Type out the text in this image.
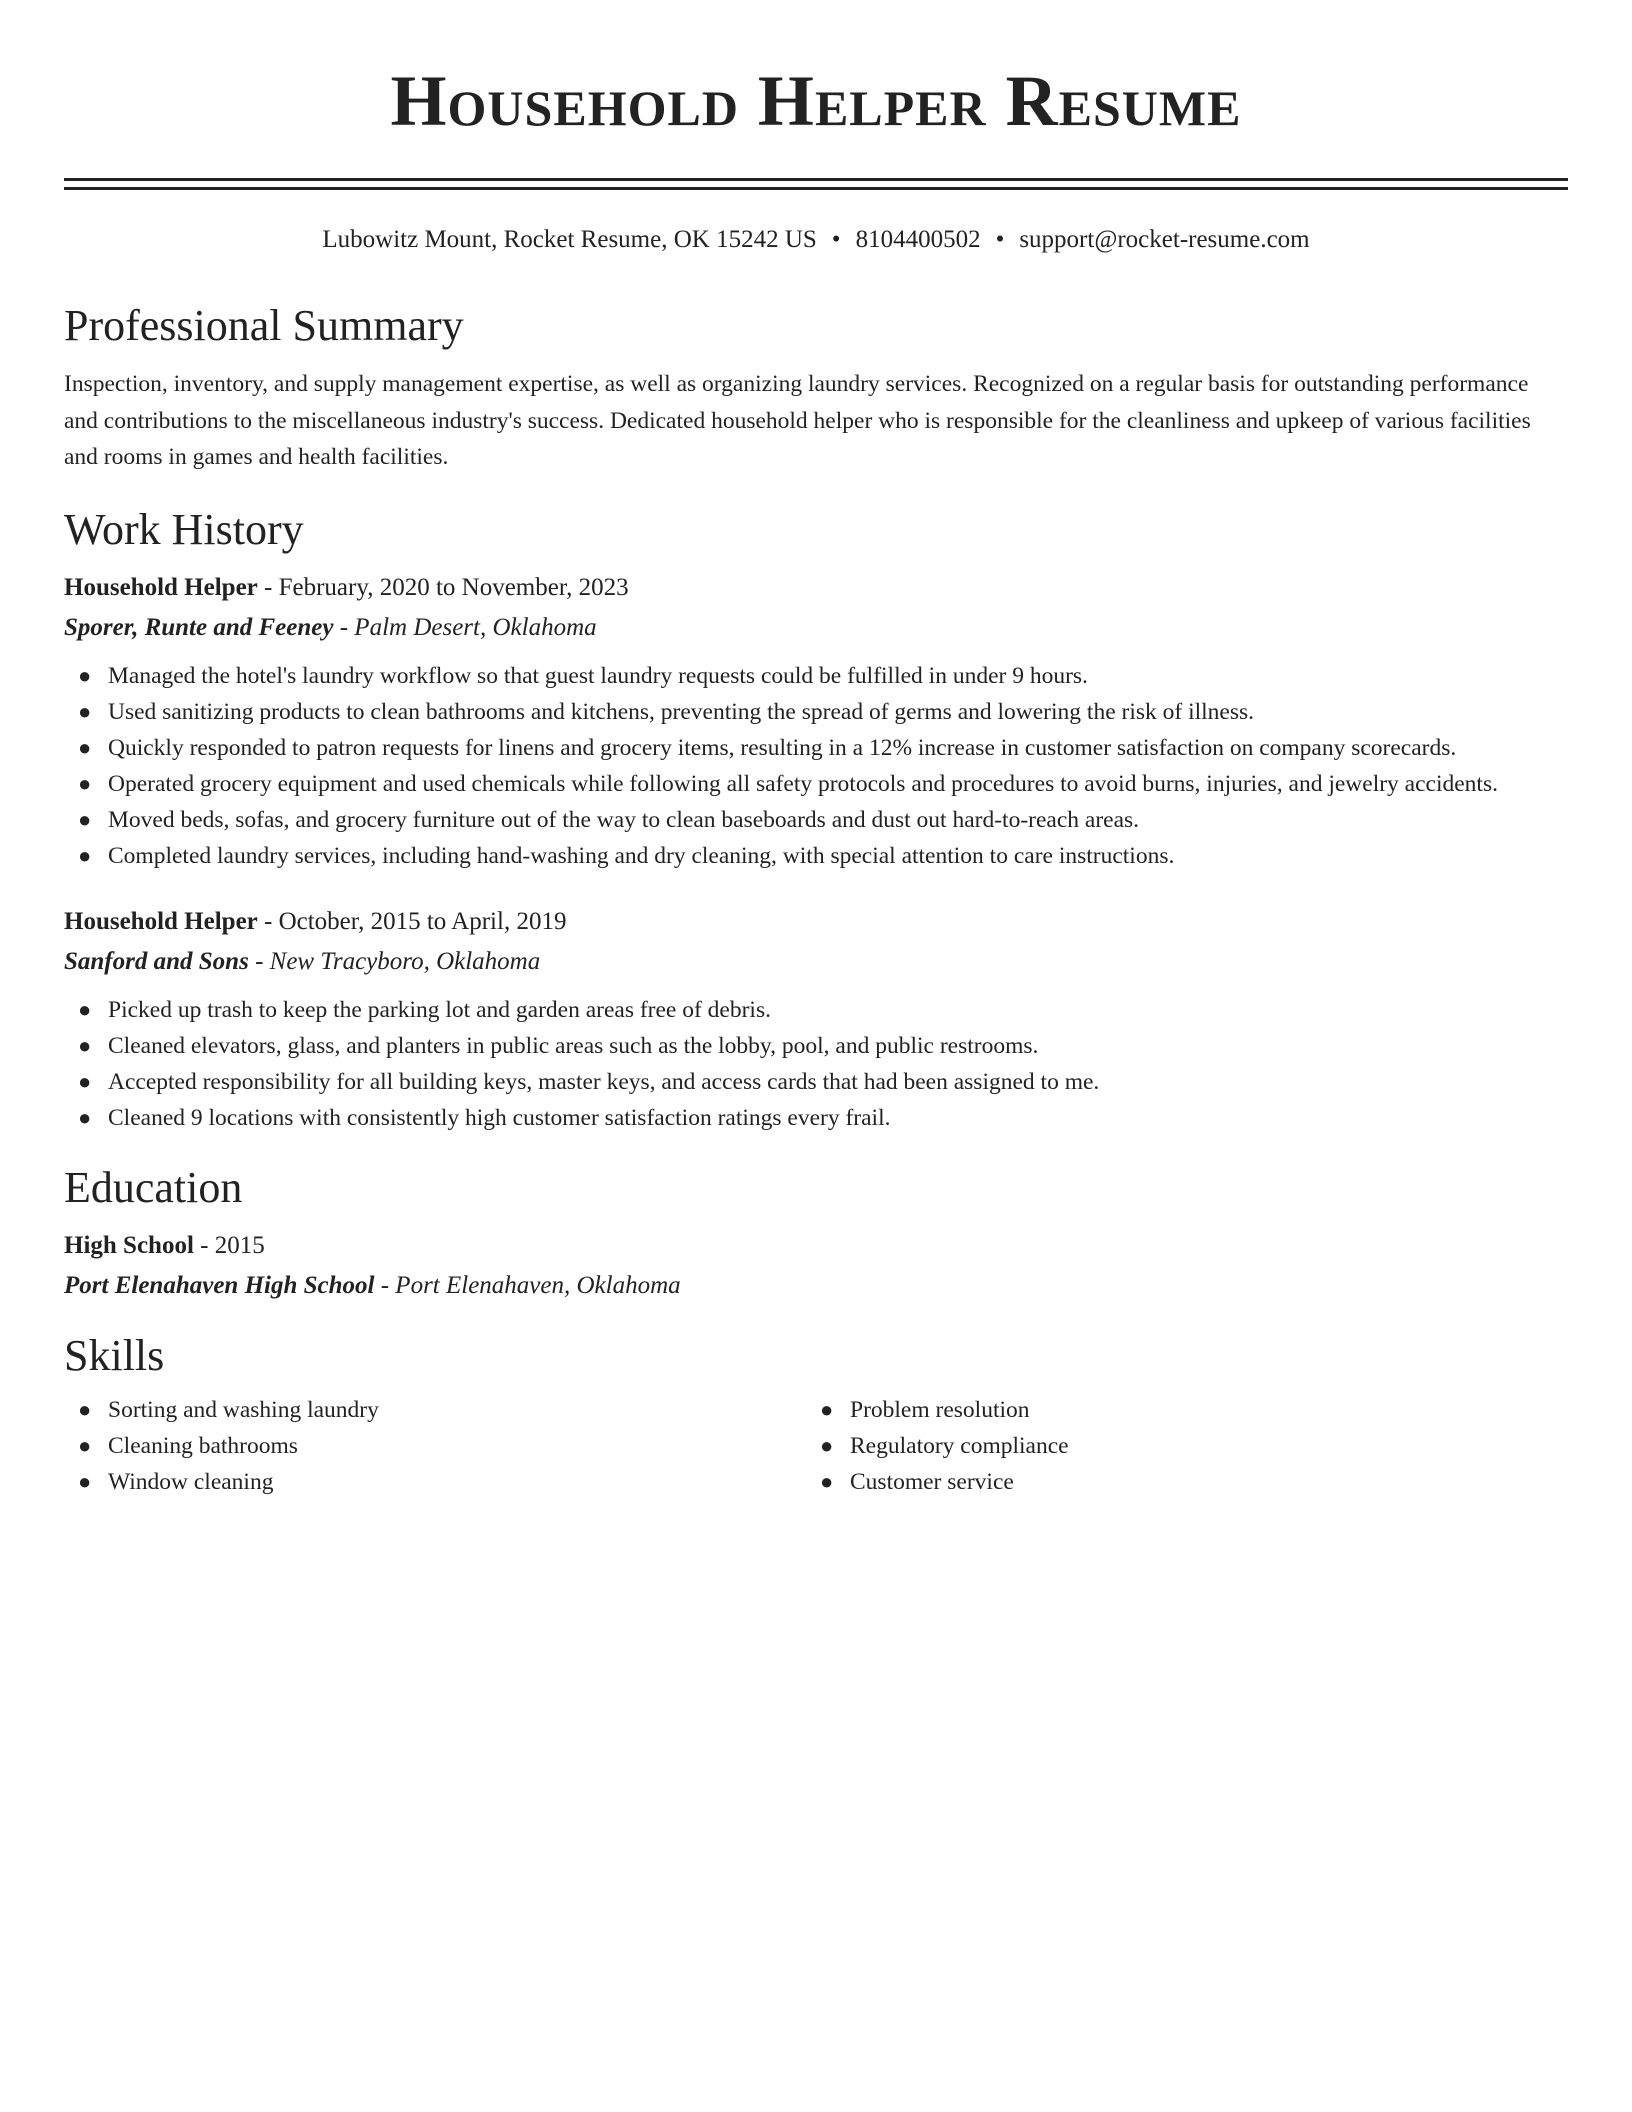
Household Helper Resume
Lubowitz Mount, Rocket Resume, OK 15242 US • 8104400502 • support@rocket-resume.com
Professional Summary
Inspection, inventory, and supply management expertise, as well as organizing laundry services. Recognized on a regular basis for outstanding performance and contributions to the miscellaneous industry's success. Dedicated household helper who is responsible for the cleanliness and upkeep of various facilities and rooms in games and health facilities.
Work History
Household Helper - February, 2020 to November, 2023
Sporer, Runte and Feeney - Palm Desert, Oklahoma
● Managed the hotel's laundry workflow so that guest laundry requests could be fulfilled in under 9 hours.
● Used sanitizing products to clean bathrooms and kitchens, preventing the spread of germs and lowering the risk of illness.
● Quickly responded to patron requests for linens and grocery items, resulting in a 12% increase in customer satisfaction on company scorecards.
● Operated grocery equipment and used chemicals while following all safety protocols and procedures to avoid burns, injuries, and jewelry accidents.
● Moved beds, sofas, and grocery furniture out of the way to clean baseboards and dust out hard-to-reach areas.
● Completed laundry services, including hand-washing and dry cleaning, with special attention to care instructions.
Household Helper - October, 2015 to April, 2019
Sanford and Sons - New Tracyboro, Oklahoma
● Picked up trash to keep the parking lot and garden areas free of debris.
● Cleaned elevators, glass, and planters in public areas such as the lobby, pool, and public restrooms.
● Accepted responsibility for all building keys, master keys, and access cards that had been assigned to me.
● Cleaned 9 locations with consistently high customer satisfaction ratings every frail.
Education
High School - 2015
Port Elenahaven High School - Port Elenahaven, Oklahoma
Skills
● Sorting and washing laundry
● Cleaning bathrooms
● Window cleaning
● Problem resolution
● Regulatory compliance
● Customer service
